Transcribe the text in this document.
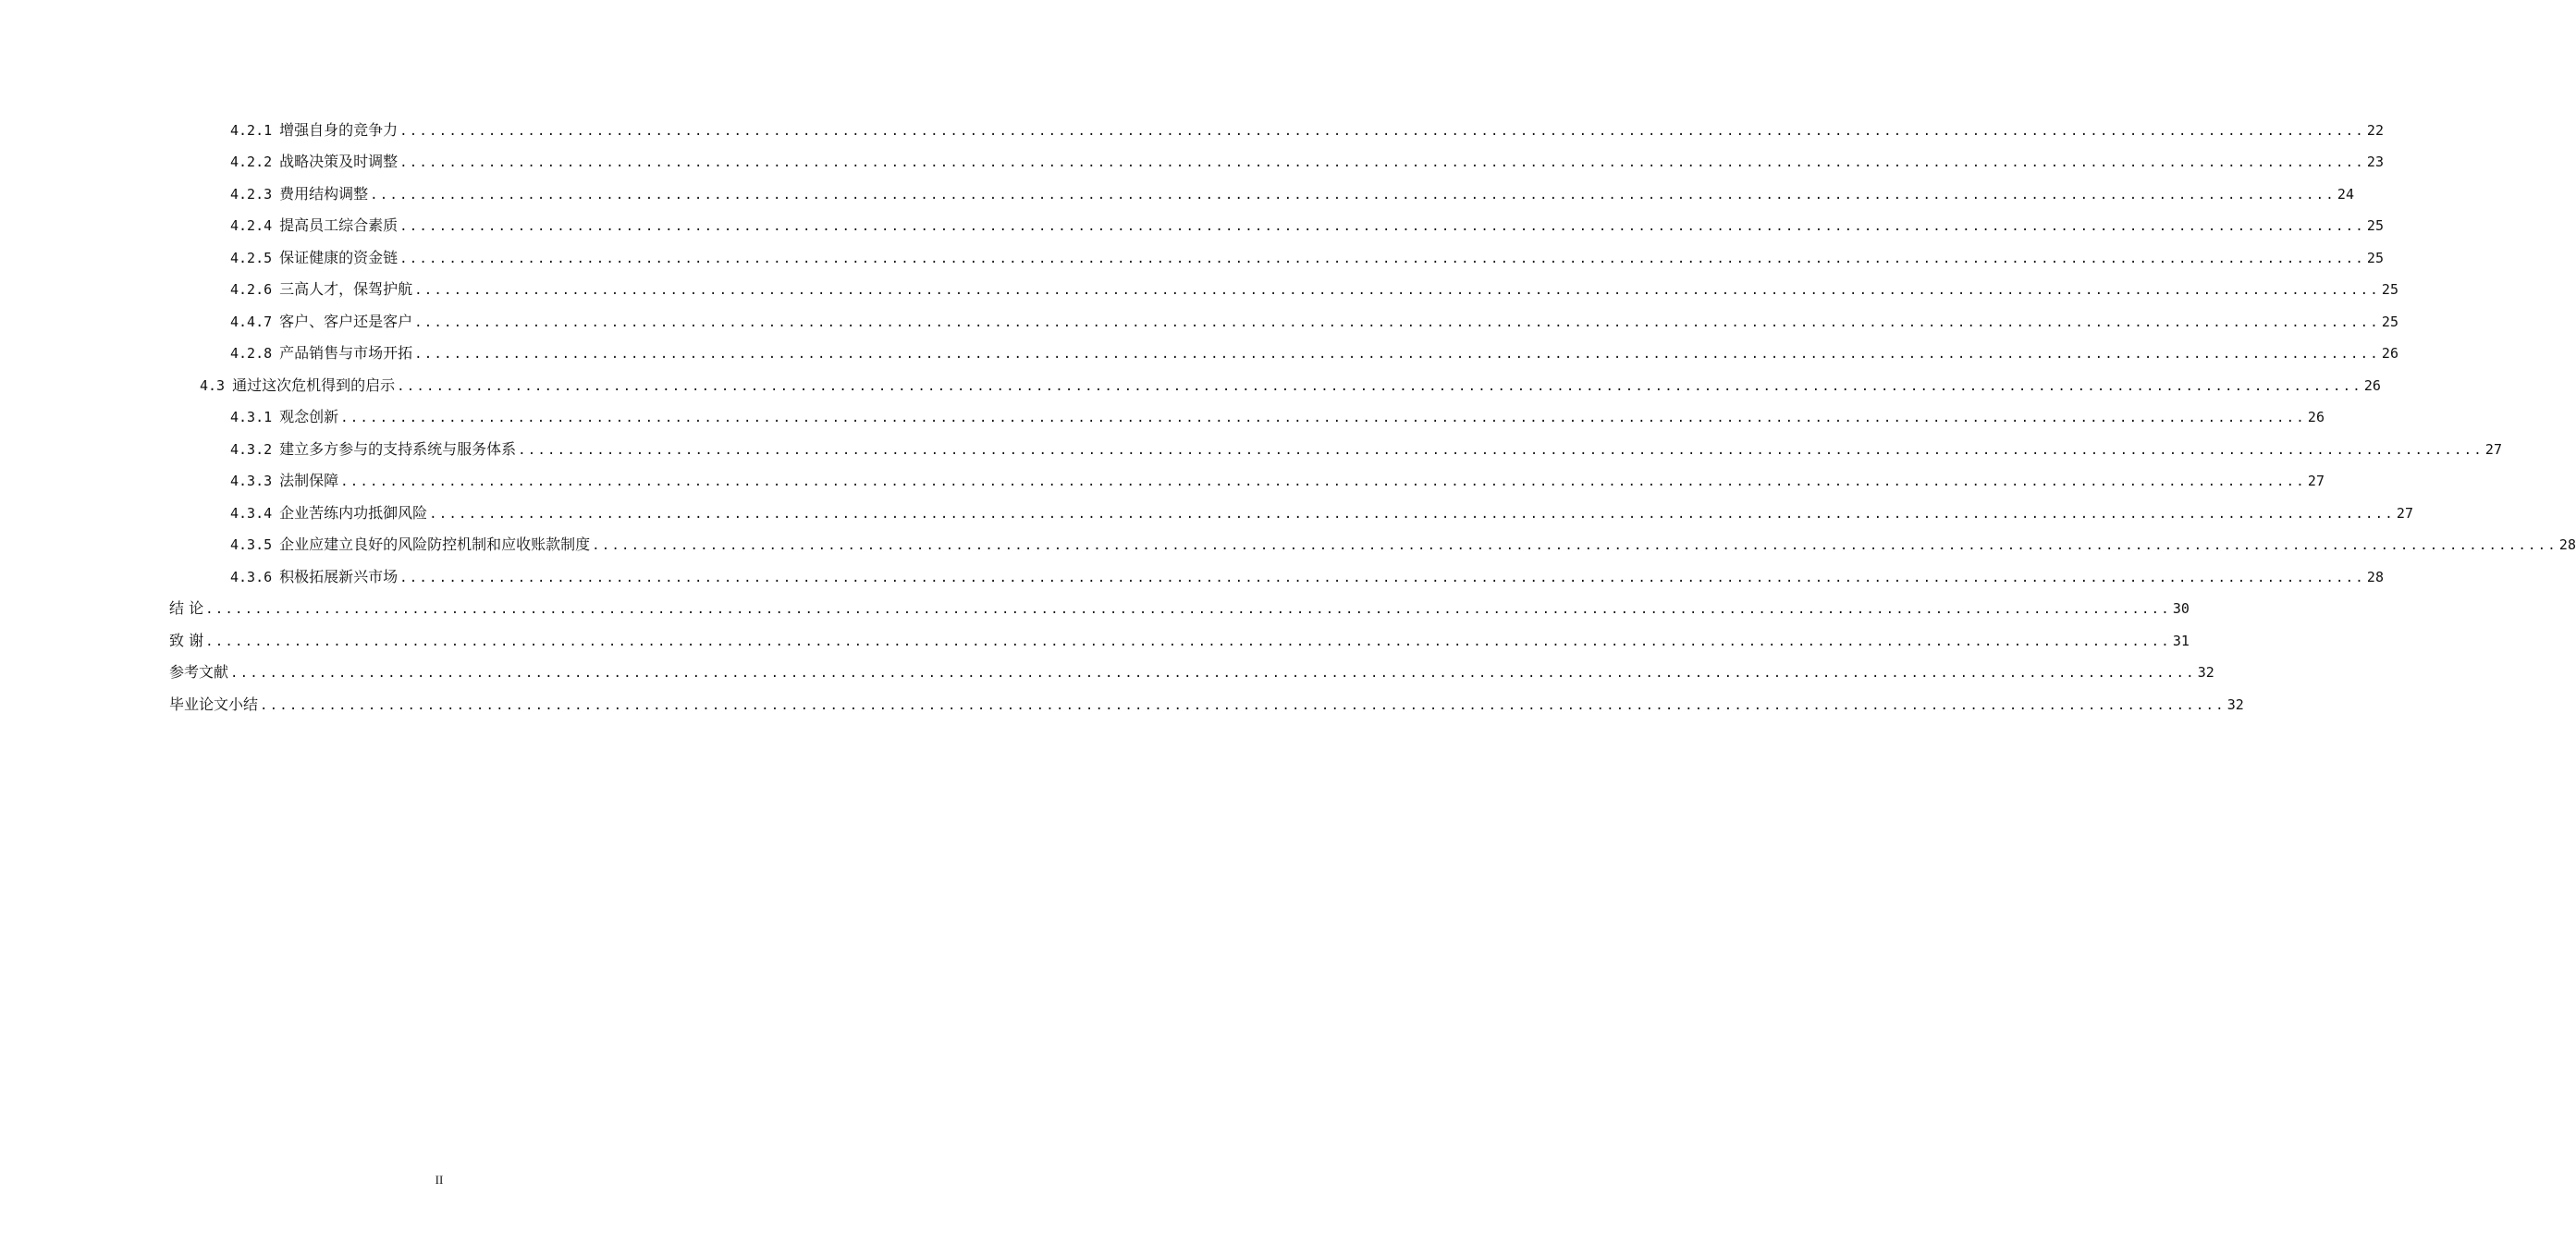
4.2.1 增强自身的竞争力 ........................................................................................................................................................................................................ 22
4.2.2 战略决策及时调整 ........................................................................................................................................................................................................ 23
4.2.3 费用结构调整 ........................................................................................................................................................................................................ 24
4.2.4 提高员工综合素质 ........................................................................................................................................................................................................ 25
4.2.5 保证健康的资金链 ........................................................................................................................................................................................................ 25
4.2.6 三高人才，保驾护航 ........................................................................................................................................................................................................ 25
4.4.7 客户、客户还是客户 ........................................................................................................................................................................................................ 25
4.2.8 产品销售与市场开拓 ........................................................................................................................................................................................................ 26
4.3 通过这次危机得到的启示 ........................................................................................................................................................................................................ 26
4.3.1 观念创新 ........................................................................................................................................................................................................ 26
4.3.2 建立多方参与的支持系统与服务体系 ........................................................................................................................................................................................................ 27
4.3.3 法制保障 ........................................................................................................................................................................................................ 27
4.3.4 企业苦练内功抵御风险 ........................................................................................................................................................................................................ 27
4.3.5 企业应建立良好的风险防控机制和应收账款制度 ........................................................................................................................................................................................................ 28
4.3.6 积极拓展新兴市场 ........................................................................................................................................................................................................ 28
结 论 ........................................................................................................................................................................................................ 30
致 谢 ........................................................................................................................................................................................................ 31
参考文献 ........................................................................................................................................................................................................ 32
毕业论文小结 ........................................................................................................................................................................................................ 32
II
